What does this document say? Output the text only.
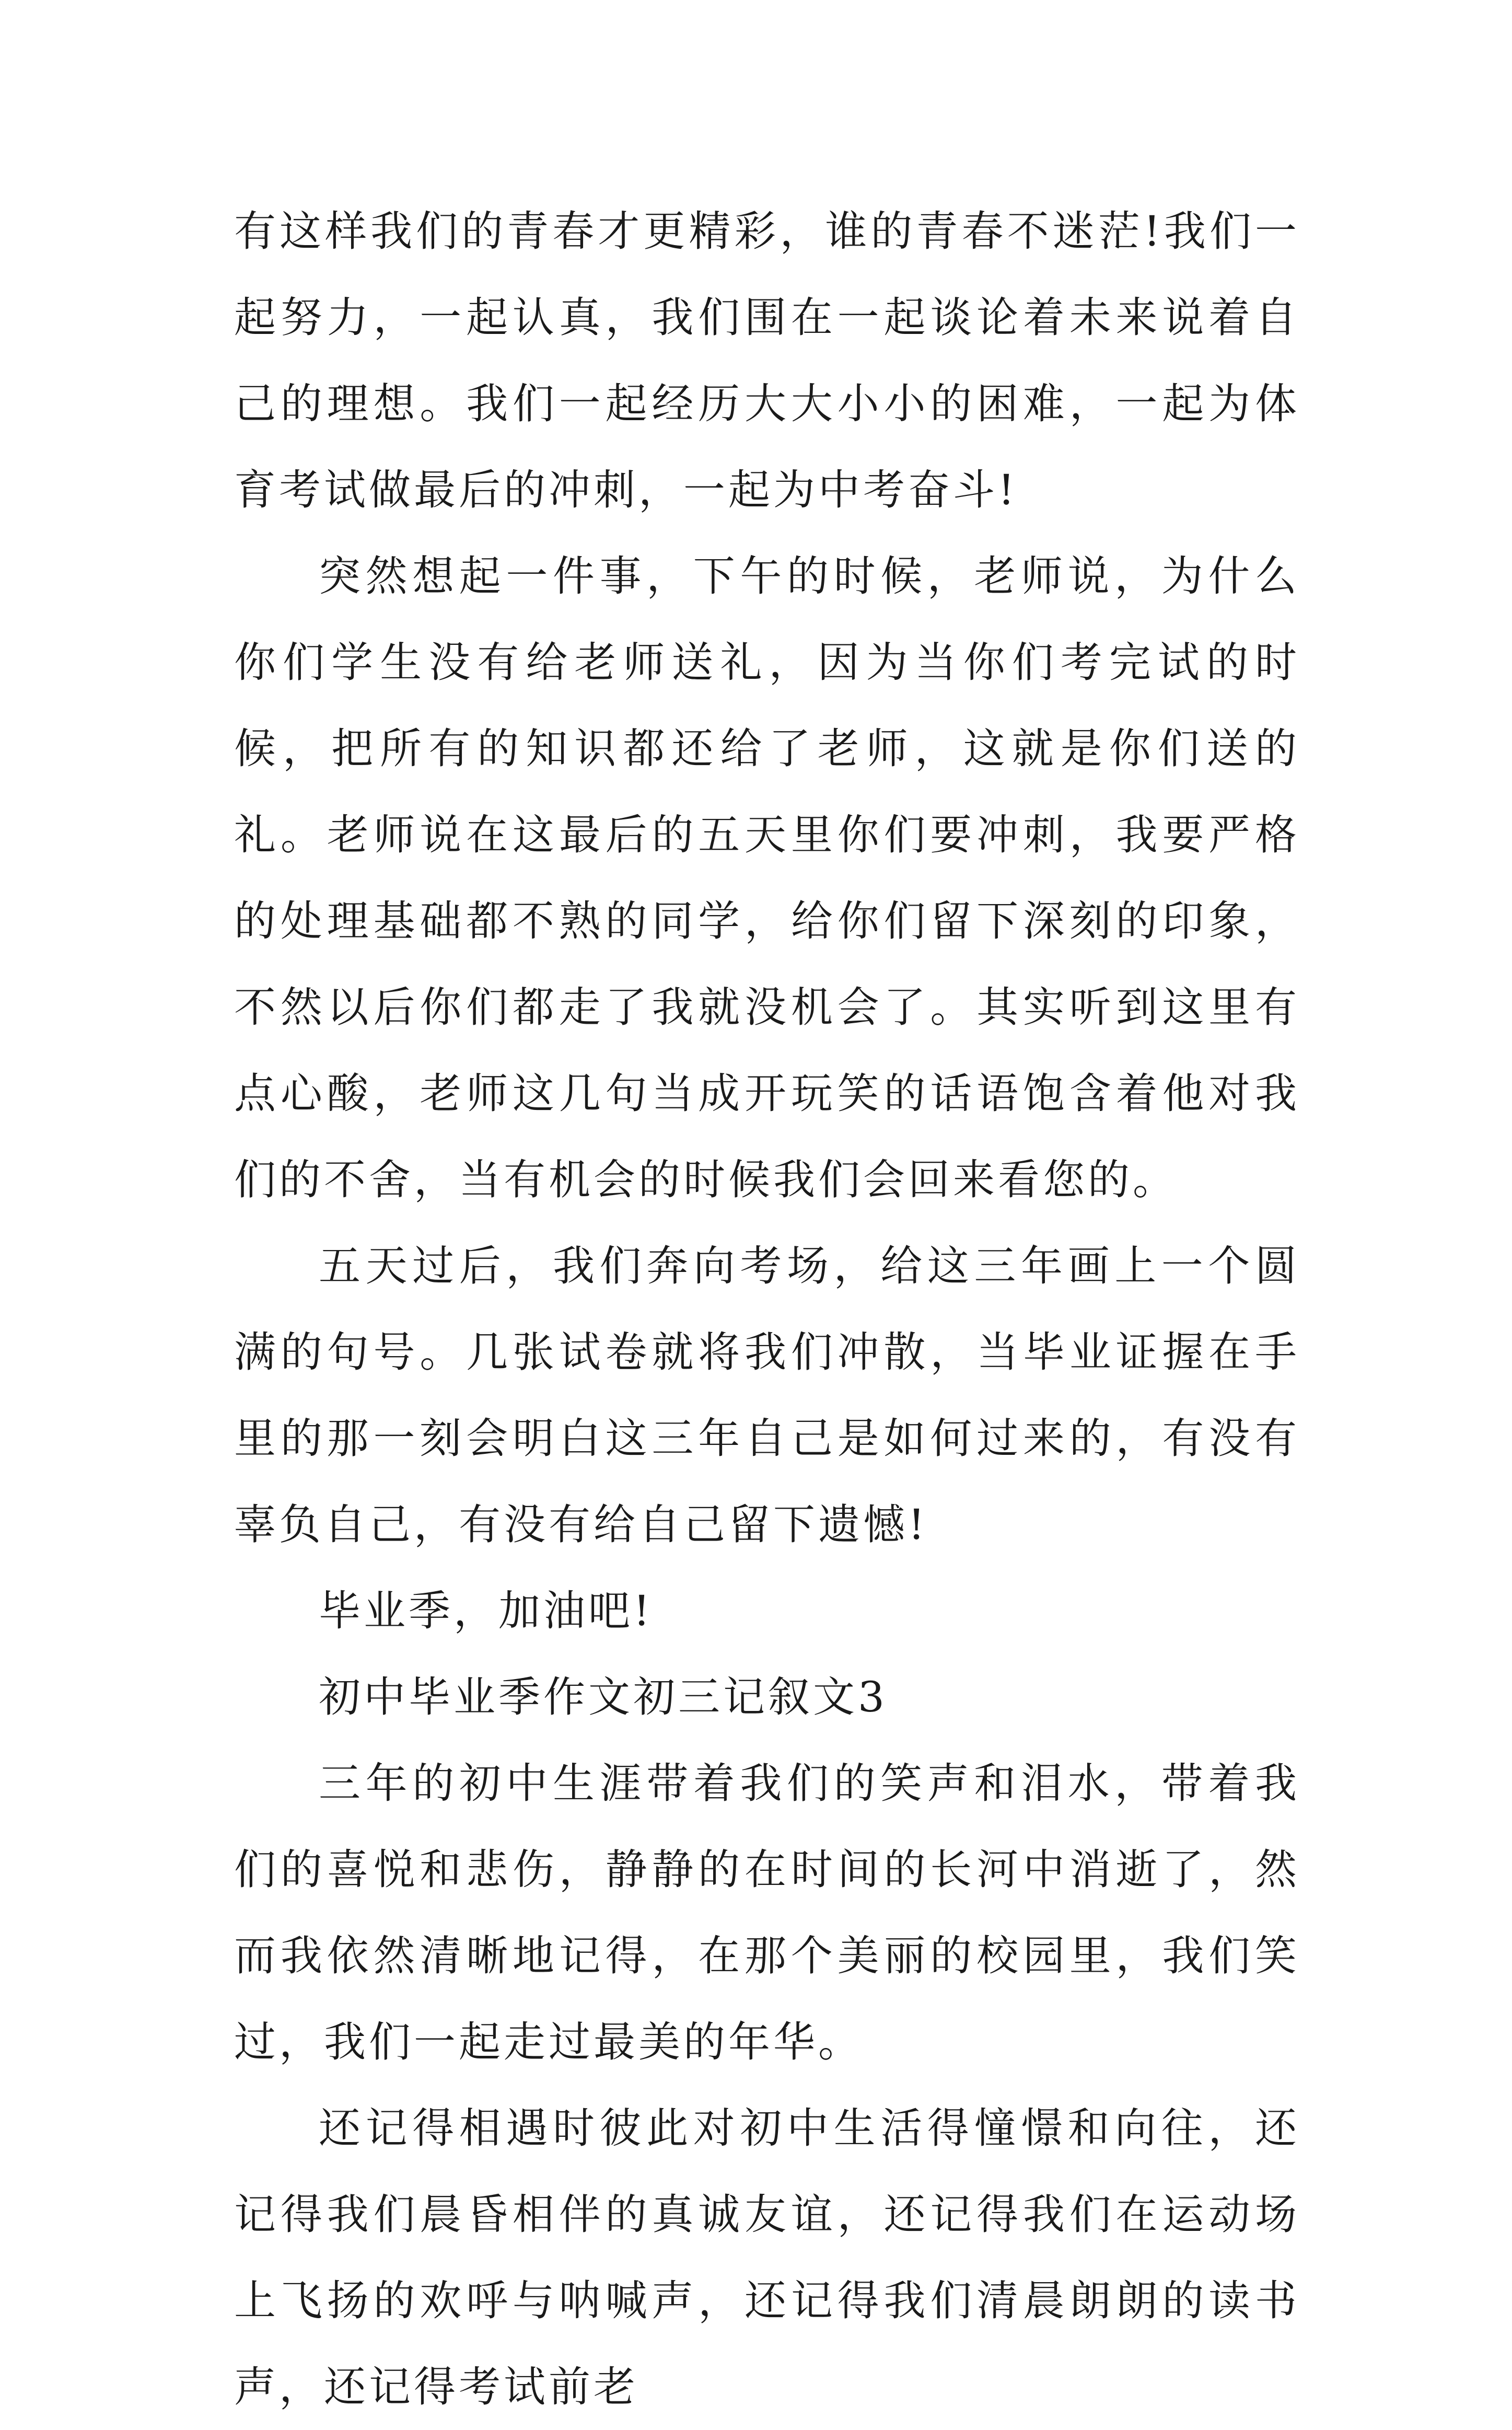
有这样我们的青春才更精彩，谁的青春不迷茫!我们一起努力，一起认真，我们围在一起谈论着未来说着自己的理想。我们一起经历大大小小的困难，一起为体育考试做最后的冲刺，一起为中考奋斗!

突然想起一件事，下午的时候，老师说，为什么你们学生没有给老师送礼，因为当你们考完试的时候，把所有的知识都还给了老师，这就是你们送的礼。老师说在这最后的五天里你们要冲刺，我要严格的处理基础都不熟的同学，给你们留下深刻的印象，不然以后你们都走了我就没机会了。其实听到这里有点心酸，老师这几句当成开玩笑的话语饱含着他对我们的不舍，当有机会的时候我们会回来看您的。

五天过后，我们奔向考场，给这三年画上一个圆满的句号。几张试卷就将我们冲散，当毕业证握在手里的那一刻会明白这三年自己是如何过来的，有没有辜负自己，有没有给自己留下遗憾!

毕业季，加油吧!

初中毕业季作文初三记叙文3

三年的初中生涯带着我们的笑声和泪水，带着我们的喜悦和悲伤，静静的在时间的长河中消逝了，然而我依然清晰地记得，在那个美丽的校园里，我们笑过，我们一起走过最美的年华。

还记得相遇时彼此对初中生活得憧憬和向往，还记得我们晨昏相伴的真诚友谊，还记得我们在运动场上飞扬的欢呼与呐喊声，还记得我们清晨朗朗的读书声，还记得考试前老
